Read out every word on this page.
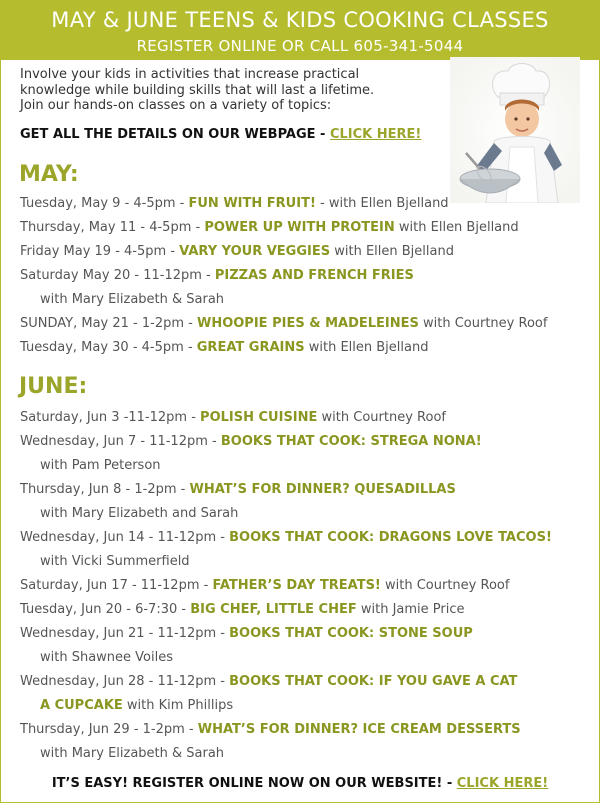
MAY & JUNE TEENS & KIDS COOKING CLASSES
REGISTER ONLINE OR CALL 605-341-5044
Involve your kids in activities that increase practical
knowledge while building skills that will last a lifetime.
Join our hands-on classes on a variety of topics:
GET ALL THE DETAILS ON OUR WEBPAGE - CLICK HERE!
MAY:
Tuesday, May 9 - 4-5pm - FUN WITH FRUIT! - with Ellen Bjelland
Thursday, May 11 - 4-5pm - POWER UP WITH PROTEIN with Ellen Bjelland
Friday May 19 - 4-5pm - VARY YOUR VEGGIES with Ellen Bjelland
Saturday May 20 - 11-12pm - PIZZAS AND FRENCH FRIES
with Mary Elizabeth & Sarah
SUNDAY, May 21 - 1-2pm - WHOOPIE PIES & MADELEINES with Courtney Roof
Tuesday, May 30 - 4-5pm - GREAT GRAINS with Ellen Bjelland
JUNE:
Saturday, Jun 3 -11-12pm - POLISH CUISINE with Courtney Roof
Wednesday, Jun 7 - 11-12pm - BOOKS THAT COOK: STREGA NONA!
with Pam Peterson
Thursday, Jun 8 - 1-2pm - WHAT’S FOR DINNER? QUESADILLAS
with Mary Elizabeth and Sarah
Wednesday, Jun 14 - 11-12pm - BOOKS THAT COOK: DRAGONS LOVE TACOS!
with Vicki Summerfield
Saturday, Jun 17 - 11-12pm - FATHER’S DAY TREATS! with Courtney Roof
Tuesday, Jun 20 - 6-7:30 - BIG CHEF, LITTLE CHEF with Jamie Price
Wednesday, Jun 21 - 11-12pm - BOOKS THAT COOK: STONE SOUP
with Shawnee Voiles
Wednesday, Jun 28 - 11-12pm - BOOKS THAT COOK: IF YOU GAVE A CAT
A CUPCAKE with Kim Phillips
Thursday, Jun 29 - 1-2pm - WHAT’S FOR DINNER? ICE CREAM DESSERTS
with Mary Elizabeth & Sarah
IT’S EASY! REGISTER ONLINE NOW ON OUR WEBSITE! - CLICK HERE!
